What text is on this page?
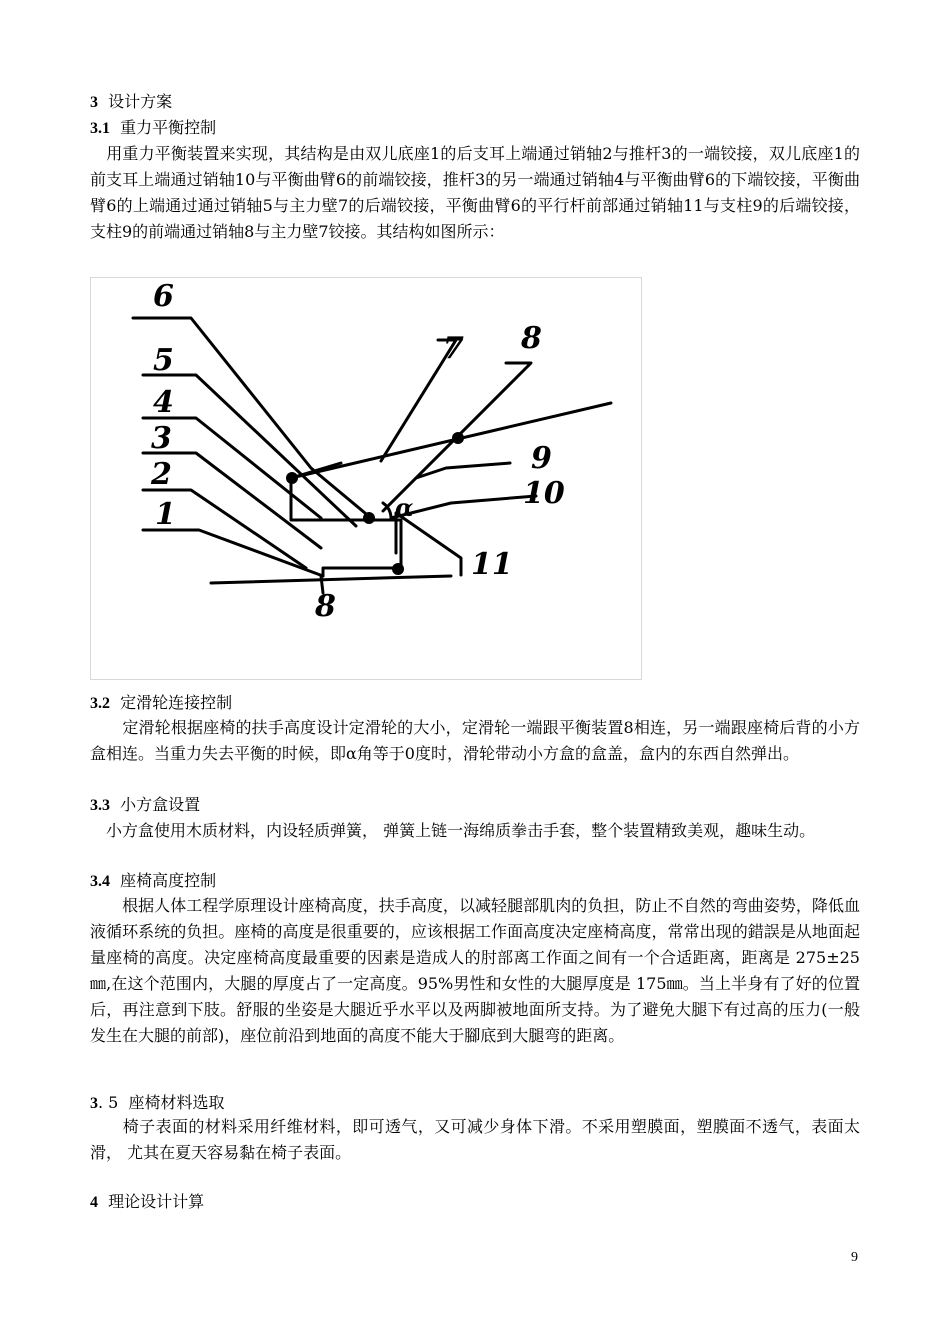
3 设计方案
3.1 重力平衡控制
　用重力平衡装置来实现，其结构是由双儿底座1的后支耳上端通过销轴2与推杆3的一端铰接，双儿底座1的前支耳上端通过销轴10与平衡曲臂6的前端铰接，推杆3的另一端通过销轴4与平衡曲臂6的下端铰接，平衡曲臂6的上端通过通过销轴5与主力壁7的后端铰接，平衡曲臂6的平行杆前部通过销轴11与支柱9的后端铰接，支柱9的前端通过销轴8与主力壁7铰接。其结构如图所示：
6
5
4
3
2
1
7 8
9
10
11
8
α
3.2 定滑轮连接控制
　　定滑轮根据座椅的扶手高度设计定滑轮的大小，定滑轮一端跟平衡装置8相连，另一端跟座椅后背的小方盒相连。当重力失去平衡的时候，即α角等于0度时，滑轮带动小方盒的盒盖，盒内的东西自然弹出。
3.3 小方盒设置
　小方盒使用木质材料，内设轻质弹簧， 弹簧上链一海绵质拳击手套，整个装置精致美观，趣味生动。
3.4 座椅高度控制
　　根据人体工程学原理设计座椅高度，扶手高度，以减轻腿部肌肉的负担，防止不自然的弯曲姿势，降低血液循环系统的负担。座椅的高度是很重要的，应该根据工作面高度决定座椅高度，常常出现的錯誤是从地面起量座椅的高度。决定座椅高度最重要的因素是造成人的肘部离工作面之间有一个合适距离，距离是 275±25㎜,在这个范围内，大腿的厚度占了一定高度。95%男性和女性的大腿厚度是 175㎜。当上半身有了好的位置后，再注意到下肢。舒服的坐姿是大腿近乎水平以及两脚被地面所支持。为了避免大腿下有过高的压力(一般发生在大腿的前部)，座位前沿到地面的高度不能大于腳底到大腿弯的距离。
3. 5 座椅材料选取
　　椅子表面的材料采用纤维材料，即可透气，又可减少身体下滑。不采用塑膜面，塑膜面不透气，表面太滑， 尤其在夏天容易黏在椅子表面。
4 理论设计计算
9
